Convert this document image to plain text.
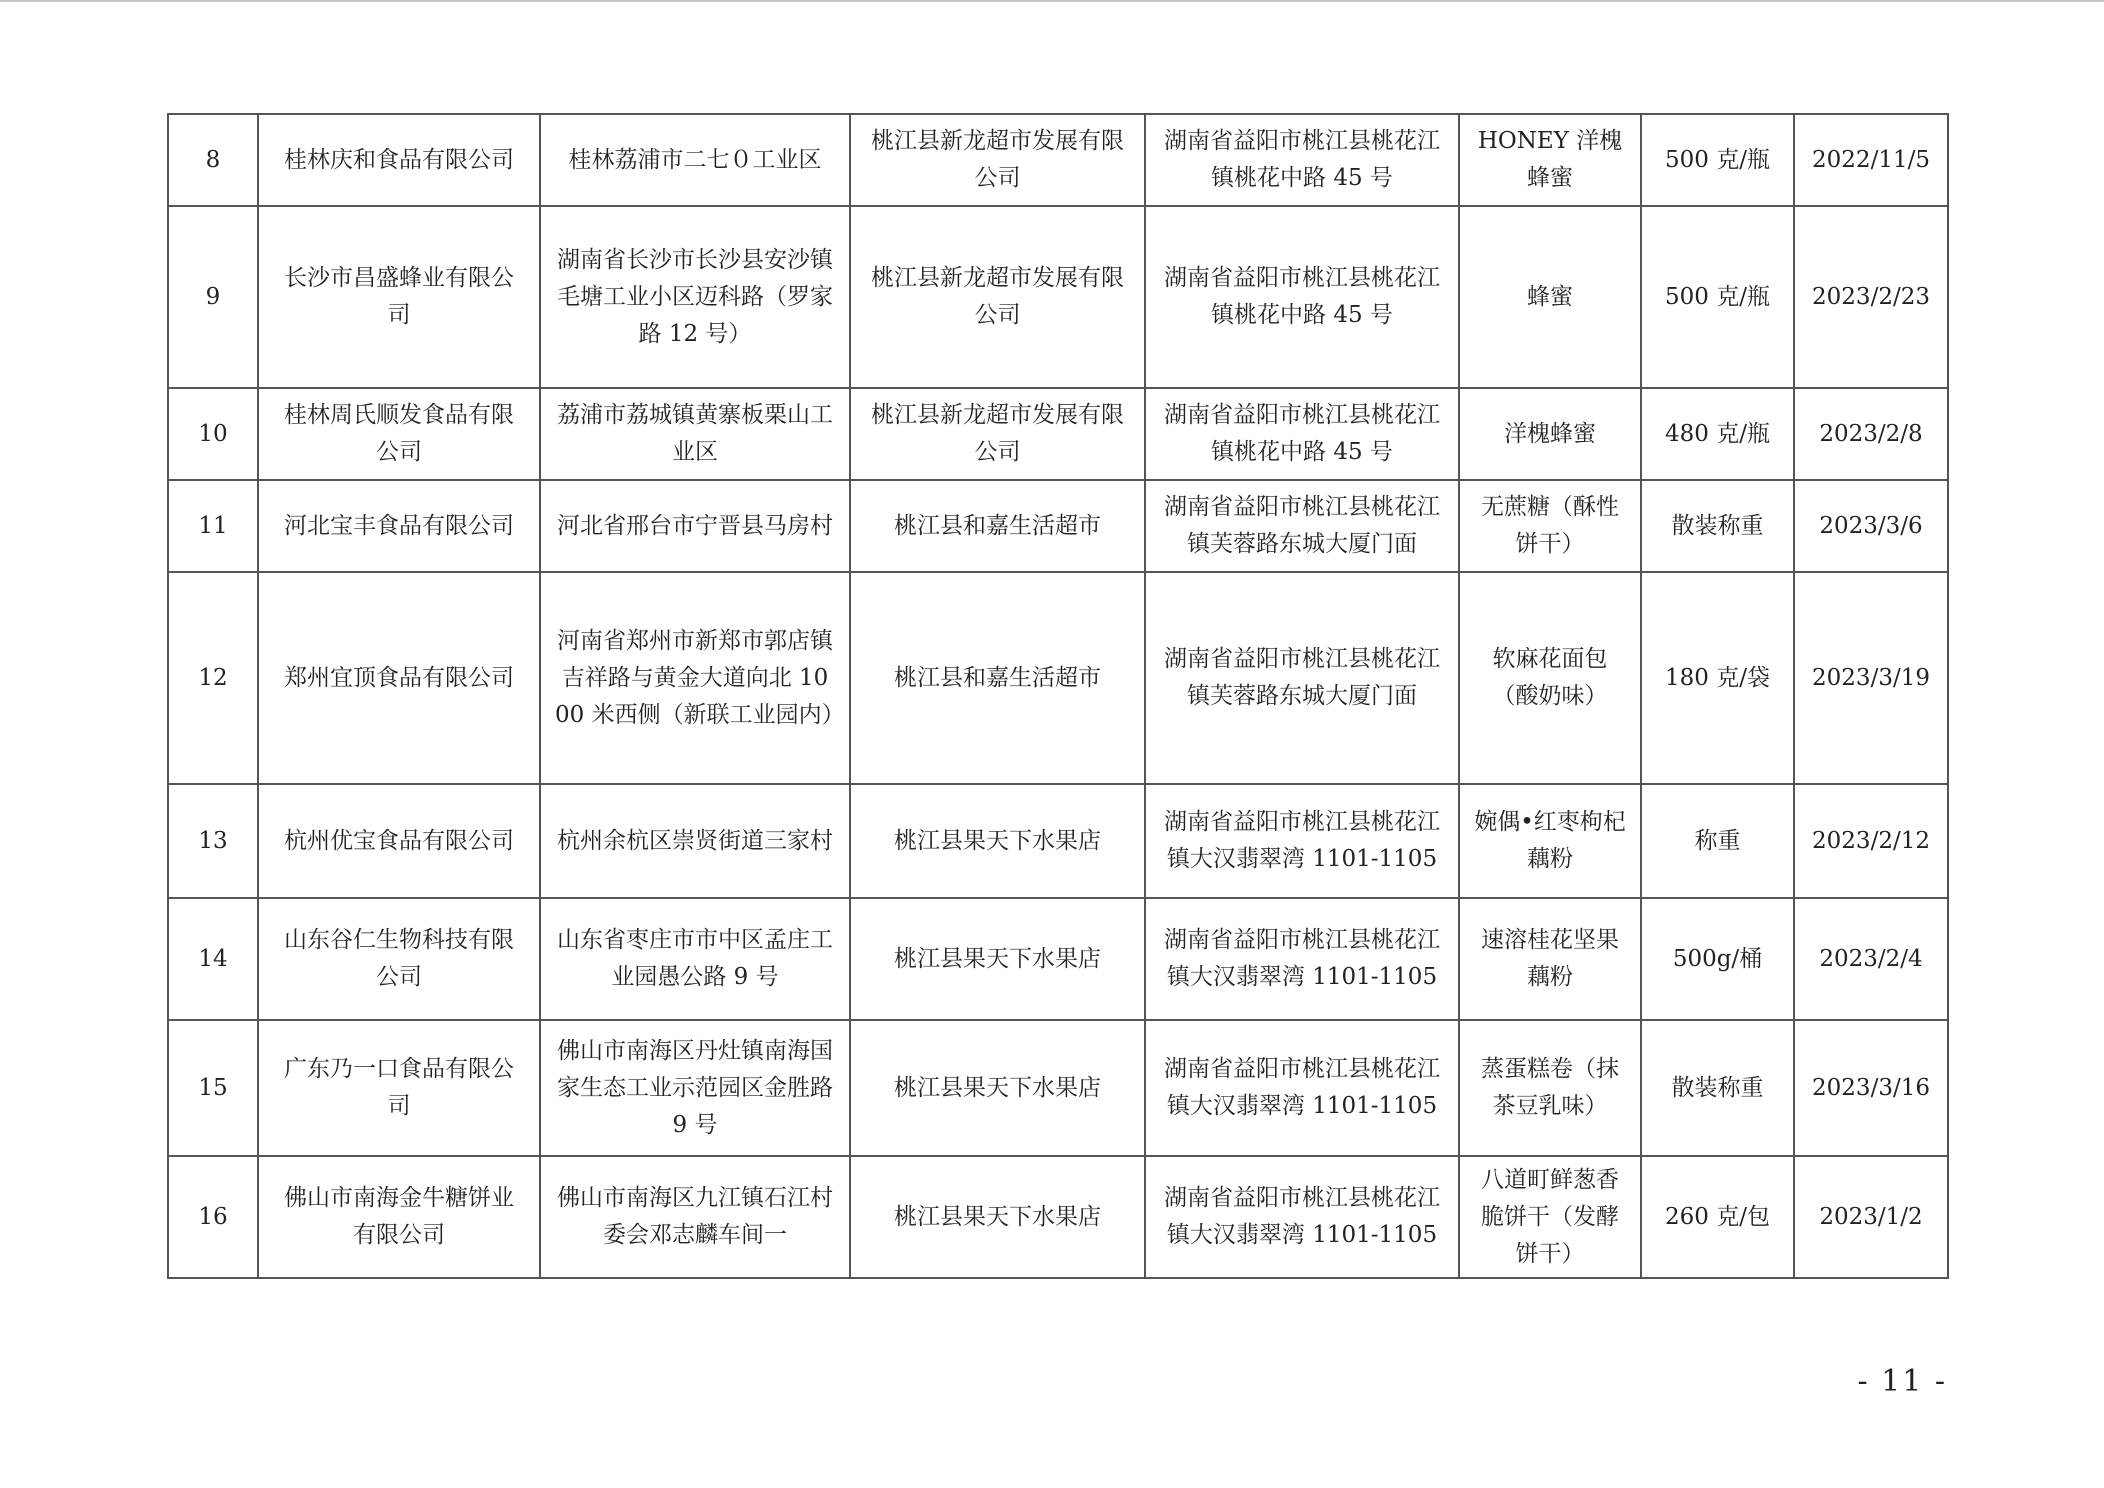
8	桂林庆和食品有限公司	桂林荔浦市二七０工业区	桃江县新龙超市发展有限公司	湖南省益阳市桃江县桃花江镇桃花中路 45 号	HONEY 洋槐蜂蜜	500 克/瓶	2022/11/5
9	长沙市昌盛蜂业有限公司	湖南省长沙市长沙县安沙镇毛塘工业小区迈科路（罗家路 12 号）	桃江县新龙超市发展有限公司	湖南省益阳市桃江县桃花江镇桃花中路 45 号	蜂蜜	500 克/瓶	2023/2/23
10	桂林周氏顺发食品有限公司	荔浦市荔城镇黄寨板栗山工业区	桃江县新龙超市发展有限公司	湖南省益阳市桃江县桃花江镇桃花中路 45 号	洋槐蜂蜜	480 克/瓶	2023/2/8
11	河北宝丰食品有限公司	河北省邢台市宁晋县马房村	桃江县和嘉生活超市	湖南省益阳市桃江县桃花江镇芙蓉路东城大厦门面	无蔗糖（酥性饼干）	散装称重	2023/3/6
12	郑州宜顶食品有限公司	河南省郑州市新郑市郭店镇吉祥路与黄金大道向北 1000 米西侧（新联工业园内）	桃江县和嘉生活超市	湖南省益阳市桃江县桃花江镇芙蓉路东城大厦门面	软麻花面包（酸奶味）	180 克/袋	2023/3/19
13	杭州优宝食品有限公司	杭州余杭区崇贤街道三家村	桃江县果天下水果店	湖南省益阳市桃江县桃花江镇大汉翡翠湾 1101-1105	婉偶•红枣枸杞藕粉	称重	2023/2/12
14	山东谷仁生物科技有限公司	山东省枣庄市市中区孟庄工业园愚公路 9 号	桃江县果天下水果店	湖南省益阳市桃江县桃花江镇大汉翡翠湾 1101-1105	速溶桂花坚果藕粉	500g/桶	2023/2/4
15	广东乃一口食品有限公司	佛山市南海区丹灶镇南海国家生态工业示范园区金胜路 9 号	桃江县果天下水果店	湖南省益阳市桃江县桃花江镇大汉翡翠湾 1101-1105	蒸蛋糕卷（抹茶豆乳味）	散装称重	2023/3/16
16	佛山市南海金牛糖饼业有限公司	佛山市南海区九江镇石江村委会邓志麟车间一	桃江县果天下水果店	湖南省益阳市桃江县桃花江镇大汉翡翠湾 1101-1105	八道町鲜葱香脆饼干（发酵饼干）	260 克/包	2023/1/2
- 11 -
